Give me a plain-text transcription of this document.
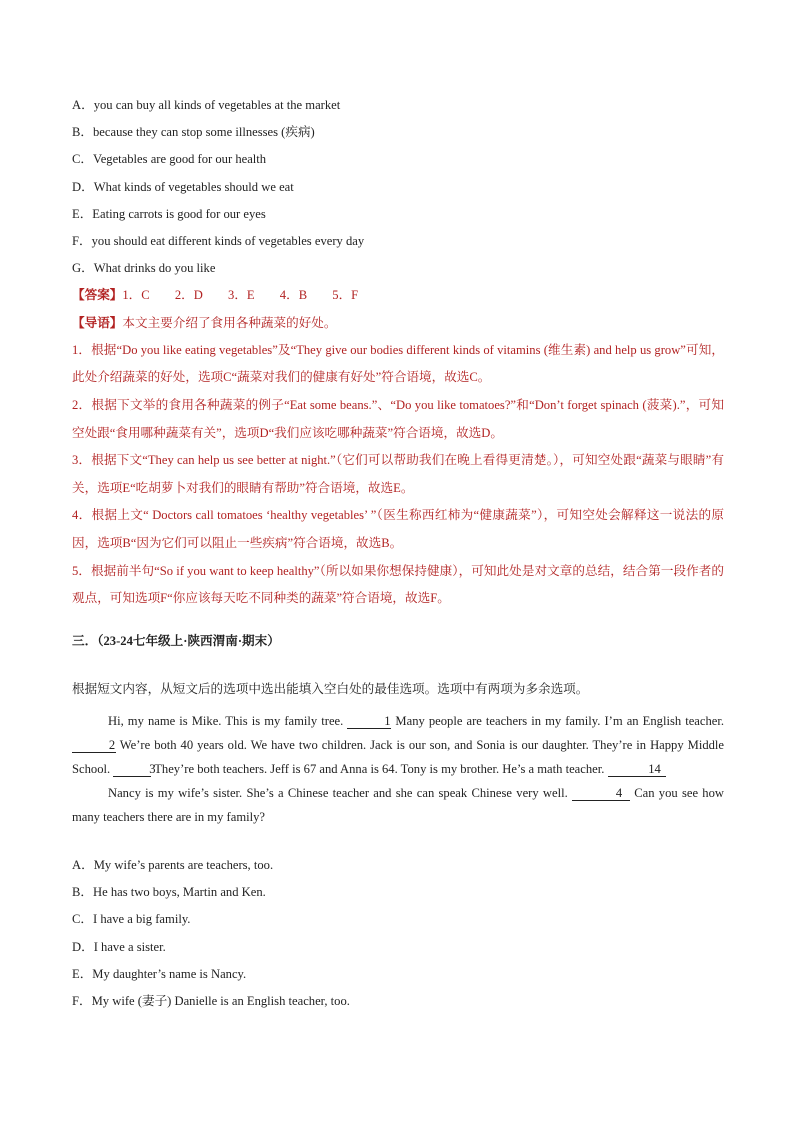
A．you can buy all kinds of vegetables at the market

B．because they can stop some illnesses (疾病)

C．Vegetables are good for our health

D．What kinds of vegetables should we eat

E．Eating carrots is good for our eyes

F．you should eat different kinds of vegetables every day

G．What drinks do you like

【答案】1．C　　2．D　　3．E　　4．B　　5．F

【导语】本文主要介绍了食用各种蔬菜的好处。

1．根据“Do you like eating vegetables”及“They give our bodies different kinds of vitamins (维生素) and help us grow”可知，此处介绍蔬菜的好处，选项C“蔬菜对我们的健康有好处”符合语境，故选C。

2．根据下文举的食用各种蔬菜的例子“Eat some beans.”、“Do you like tomatoes?”和“Don’t forget spinach (菠菜).”，可知空处跟“食用哪种蔬菜有关”，选项D“我们应该吃哪种蔬菜”符合语境，故选D。

3．根据下文“They can help us see better at night.”（它们可以帮助我们在晚上看得更清楚。），可知空处跟“蔬菜与眼睛”有关，选项E“吃胡萝卜对我们的眼睛有帮助”符合语境，故选E。

4．根据上文“ Doctors call tomatoes ‘healthy vegetables’ ”（医生称西红柿为“健康蔬菜”），可知空处会解释这一说法的原因，选项B“因为它们可以阻止一些疾病”符合语境，故选B。

5．根据前半句“So if you want to keep healthy”（所以如果你想保持健康），可知此处是对文章的总结，结合第一段作者的观点，可知选项F“你应该每天吃不同种类的蔬菜”符合语境，故选F。

三．（23-24七年级上·陕西渭南·期末）

根据短文内容，从短文后的选项中选出能填入空白处的最佳选项。选项中有两项为多余选项。

Hi, my name is Mike. This is my family tree.	1 Many people are teachers in my family. I’m an English teacher. 2 We’re both 40 years old. We have two children. Jack is our son, and Sonia is our daughter. They’re in Happy Middle School.	3 They’re both teachers. Jeff is 67 and Anna is 64. Tony is my brother. He’s a math teacher.	14

Nancy is my wife’s sister. She’s a Chinese teacher and she can speak Chinese very well.	4 Can you see how many teachers there are in my family?

A．My wife’s parents are teachers, too.

B．He has two boys, Martin and Ken.

C．I have a big family.

D．I have a sister.

E．My daughter’s name is Nancy.

F．My wife (妻子) Danielle is an English teacher, too.
